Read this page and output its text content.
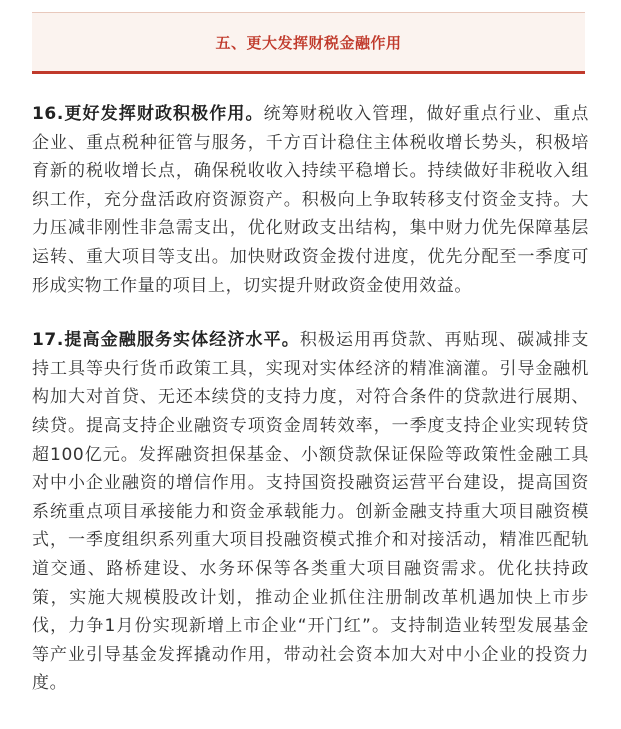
五、更大发挥财税金融作用

16.更好发挥财政积极作用。统筹财税收入管理，做好重点行业、重点企业、重点税种征管与服务，千方百计稳住主体税收增长势头，积极培育新的税收增长点，确保税收收入持续平稳增长。持续做好非税收入组织工作，充分盘活政府资源资产。积极向上争取转移支付资金支持。大力压减非刚性非急需支出，优化财政支出结构，集中财力优先保障基层运转、重大项目等支出。加快财政资金拨付进度，优先分配至一季度可形成实物工作量的项目上，切实提升财政资金使用效益。

17.提高金融服务实体经济水平。积极运用再贷款、再贴现、碳减排支持工具等央行货币政策工具，实现对实体经济的精准滴灌。引导金融机构加大对首贷、无还本续贷的支持力度，对符合条件的贷款进行展期、续贷。提高支持企业融资专项资金周转效率，一季度支持企业实现转贷超100亿元。发挥融资担保基金、小额贷款保证保险等政策性金融工具对中小企业融资的增信作用。支持国资投融资运营平台建设，提高国资系统重点项目承接能力和资金承载能力。创新金融支持重大项目融资模式，一季度组织系列重大项目投融资模式推介和对接活动，精准匹配轨道交通、路桥建设、水务环保等各类重大项目融资需求。优化扶持政策，实施大规模股改计划，推动企业抓住注册制改革机遇加快上市步伐，力争1月份实现新增上市企业“开门红”。支持制造业转型发展基金等产业引导基金发挥撬动作用，带动社会资本加大对中小企业的投资力度。
